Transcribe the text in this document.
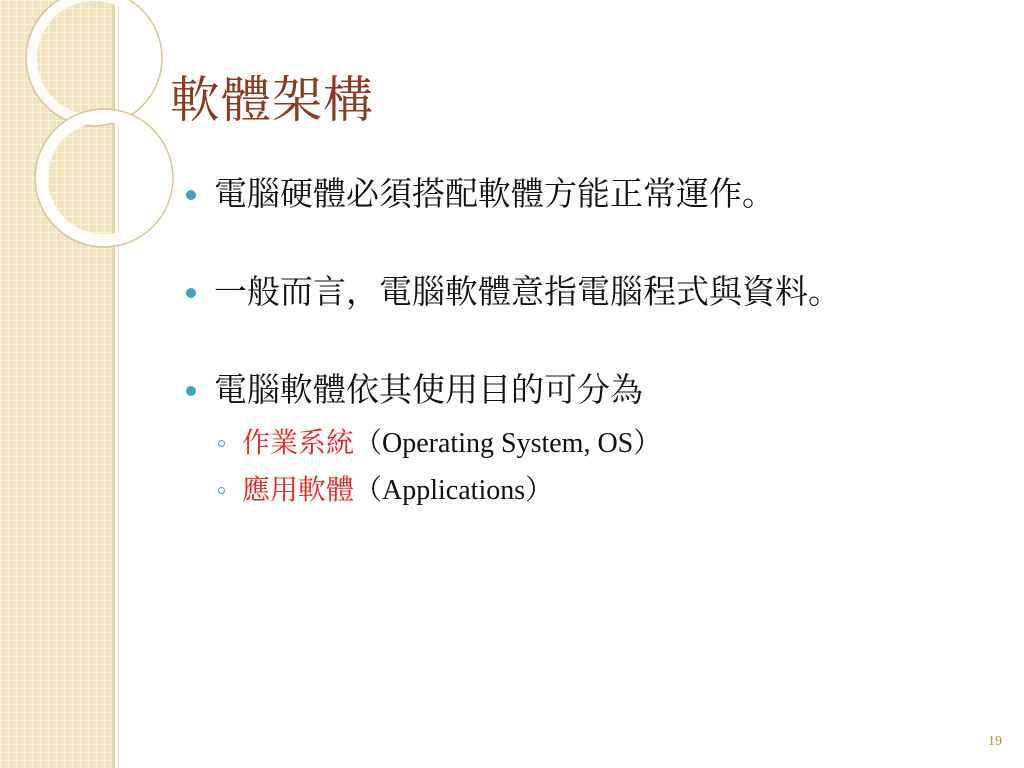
軟體架構
電腦硬體必須搭配軟體方能正常運作。
一般而言，電腦軟體意指電腦程式與資料。
電腦軟體依其使用目的可分為
作業系統（Operating System, OS）
應用軟體（Applications）
19
